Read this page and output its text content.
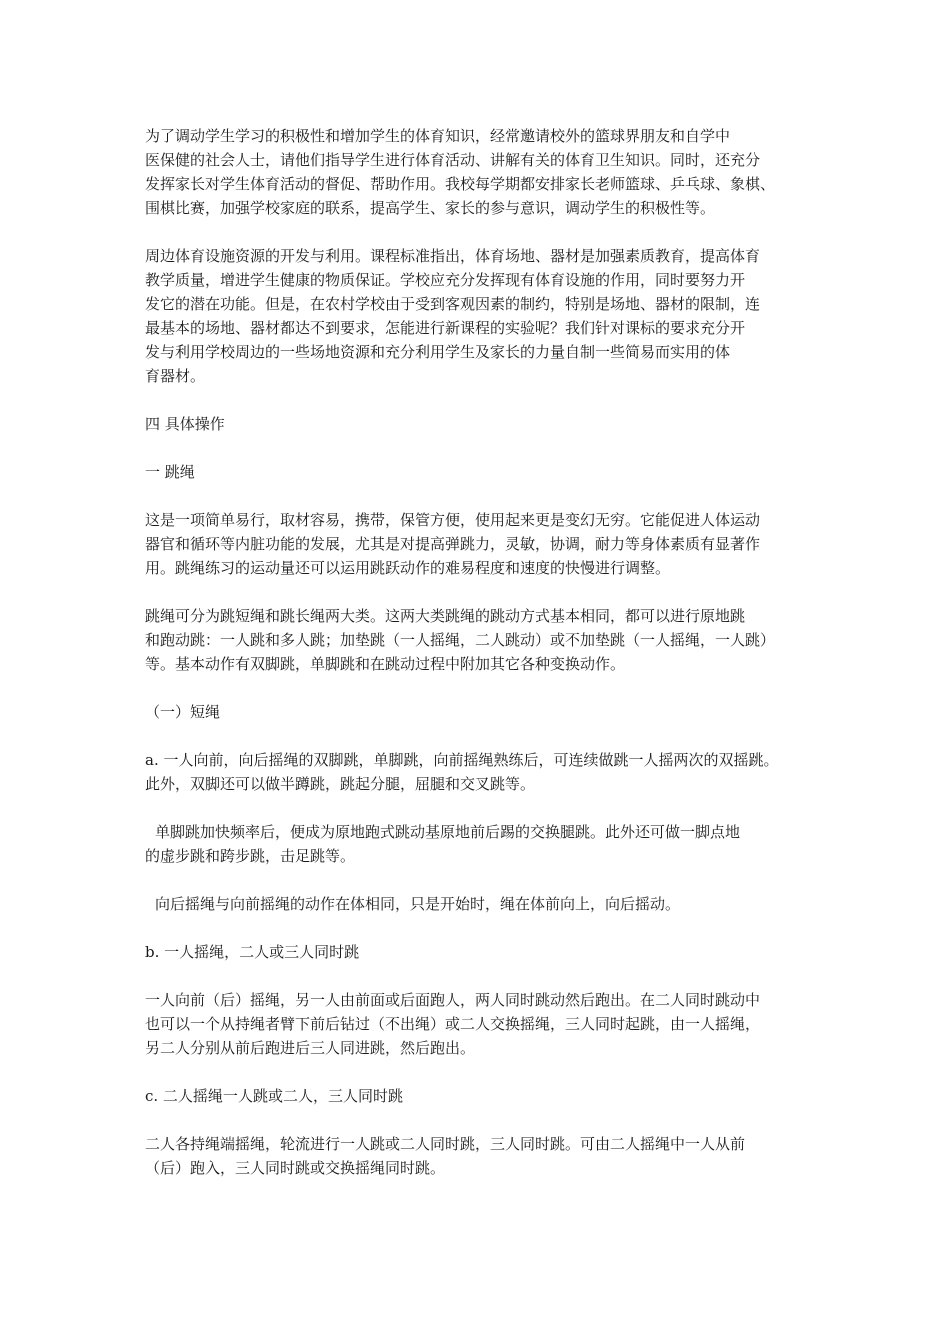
为了调动学生学习的积极性和增加学生的体育知识，经常邀请校外的篮球界朋友和自学中
医保健的社会人士，请他们指导学生进行体育活动、讲解有关的体育卫生知识。同时，还充分
发挥家长对学生体育活动的督促、帮助作用。我校每学期都安排家长老师篮球、乒乓球、象棋、
围棋比赛，加强学校家庭的联系，提高学生、家长的参与意识，调动学生的积极性等。

周边体育设施资源的开发与利用。课程标准指出，体育场地、器材是加强素质教育，提高体育
教学质量，增进学生健康的物质保证。学校应充分发挥现有体育设施的作用，同时要努力开
发它的潜在功能。但是，在农村学校由于受到客观因素的制约，特别是场地、器材的限制，连
最基本的场地、器材都达不到要求，怎能进行新课程的实验呢？我们针对课标的要求充分开
发与利用学校周边的一些场地资源和充分利用学生及家长的力量自制一些简易而实用的体
育器材。

四 具体操作

一 跳绳

这是一项简单易行，取材容易，携带，保管方便，使用起来更是变幻无穷。它能促进人体运动
器官和循环等内脏功能的发展，尤其是对提高弹跳力，灵敏，协调，耐力等身体素质有显著作
用。跳绳练习的运动量还可以运用跳跃动作的难易程度和速度的快慢进行调整。

跳绳可分为跳短绳和跳长绳两大类。这两大类跳绳的跳动方式基本相同，都可以进行原地跳
和跑动跳：一人跳和多人跳；加垫跳（一人摇绳，二人跳动）或不加垫跳（一人摇绳，一人跳）
等。基本动作有双脚跳，单脚跳和在跳动过程中附加其它各种变换动作。

（一）短绳

a. 一人向前，向后摇绳的双脚跳，单脚跳，向前摇绳熟练后，可连续做跳一人摇两次的双摇跳。
此外，双脚还可以做半蹲跳，跳起分腿，屈腿和交叉跳等。

单脚跳加快频率后，便成为原地跑式跳动基原地前后踢的交换腿跳。此外还可做一脚点地
的虚步跳和跨步跳，击足跳等。

向后摇绳与向前摇绳的动作在体相同，只是开始时，绳在体前向上，向后摇动。

b. 一人摇绳，二人或三人同时跳

一人向前（后）摇绳，另一人由前面或后面跑人，两人同时跳动然后跑出。在二人同时跳动中
也可以一个从持绳者臂下前后钻过（不出绳）或二人交换摇绳，三人同时起跳，由一人摇绳，
另二人分别从前后跑进后三人同进跳，然后跑出。

c. 二人摇绳一人跳或二人，三人同时跳

二人各持绳端摇绳，轮流进行一人跳或二人同时跳，三人同时跳。可由二人摇绳中一人从前
（后）跑入，三人同时跳或交换摇绳同时跳。
